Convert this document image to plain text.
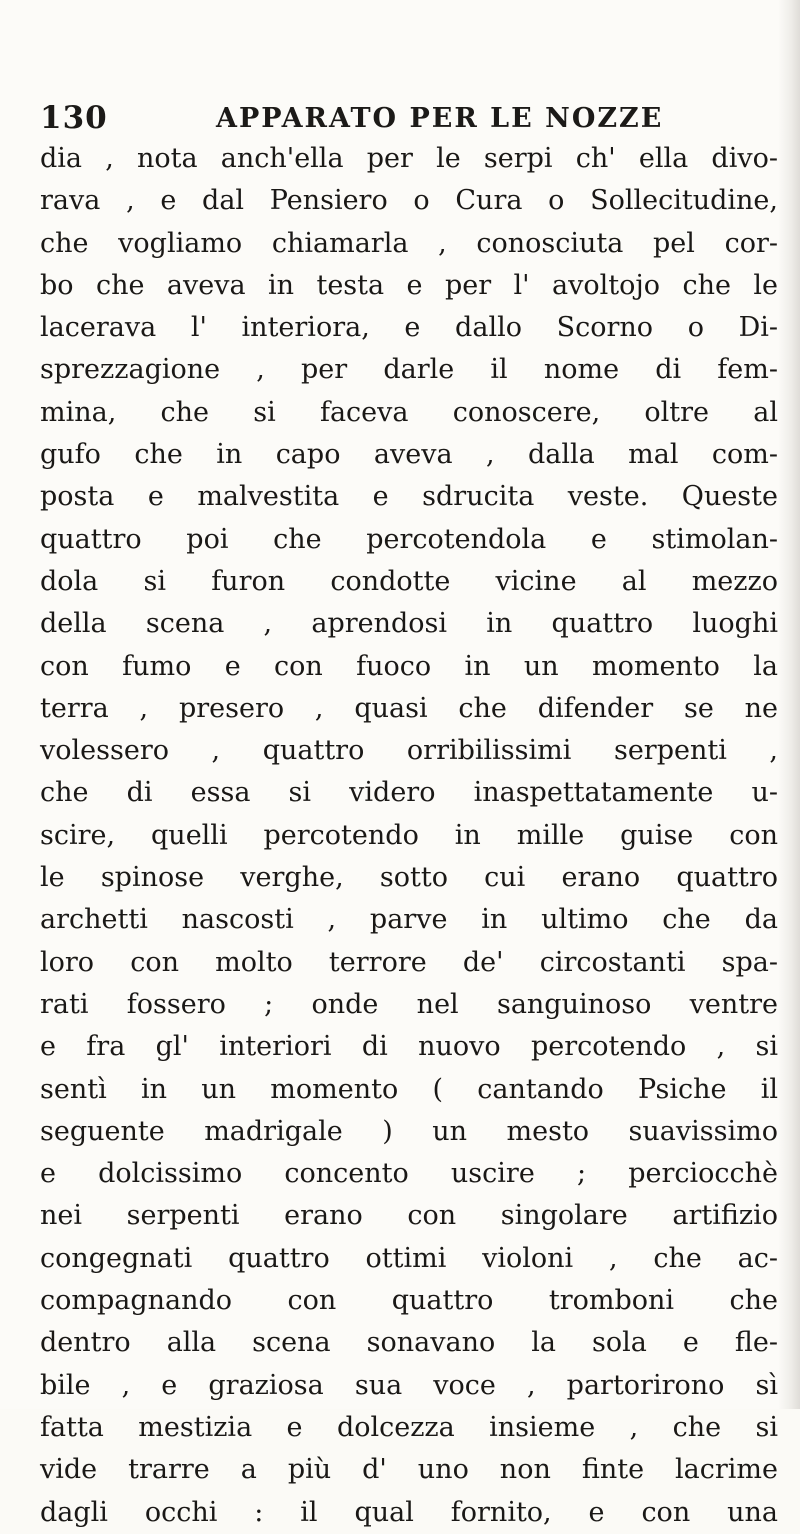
130	APPARATO PER LE NOZZE
dia , nota anch'ella per le serpi ch' ella divo-
rava , e dal Pensiero o Cura o Sollecitudine,
che vogliamo chiamarla , conosciuta pel cor-
bo che aveva in testa e per l' avoltojo che le
lacerava l' interiora, e dallo Scorno o Di-
sprezzagione , per darle il nome di fem-
mina, che si faceva conoscere, oltre al
gufo che in capo aveva , dalla mal com-
posta e malvestita e sdrucita veste. Queste
quattro poi che percotendola e stimolan-
dola si furon condotte vicine al mezzo
della scena , aprendosi in quattro luoghi
con fumo e con fuoco in un momento la
terra , presero , quasi che difender se ne
volessero , quattro orribilissimi serpenti ,
che di essa si videro inaspettatamente u-
scire, quelli percotendo in mille guise con
le spinose verghe, sotto cui erano quattro
archetti nascosti , parve in ultimo che da
loro con molto terrore de' circostanti spa-
rati fossero ; onde nel sanguinoso ventre
e fra gl' interiori di nuovo percotendo , si
sentì in un momento ( cantando Psiche il
seguente madrigale ) un mesto suavissimo
e dolcissimo concento uscire ; perciocchè
nei serpenti erano con singolare artifizio
congegnati quattro ottimi violoni , che ac-
compagnando con quattro tromboni che
dentro alla scena sonavano la sola e fle-
bile , e graziosa sua voce , partorirono sì
fatta mestizia e dolcezza insieme , che si
vide trarre a più d' uno non finte lacrime
dagli occhi : il qual fornito, e con una
